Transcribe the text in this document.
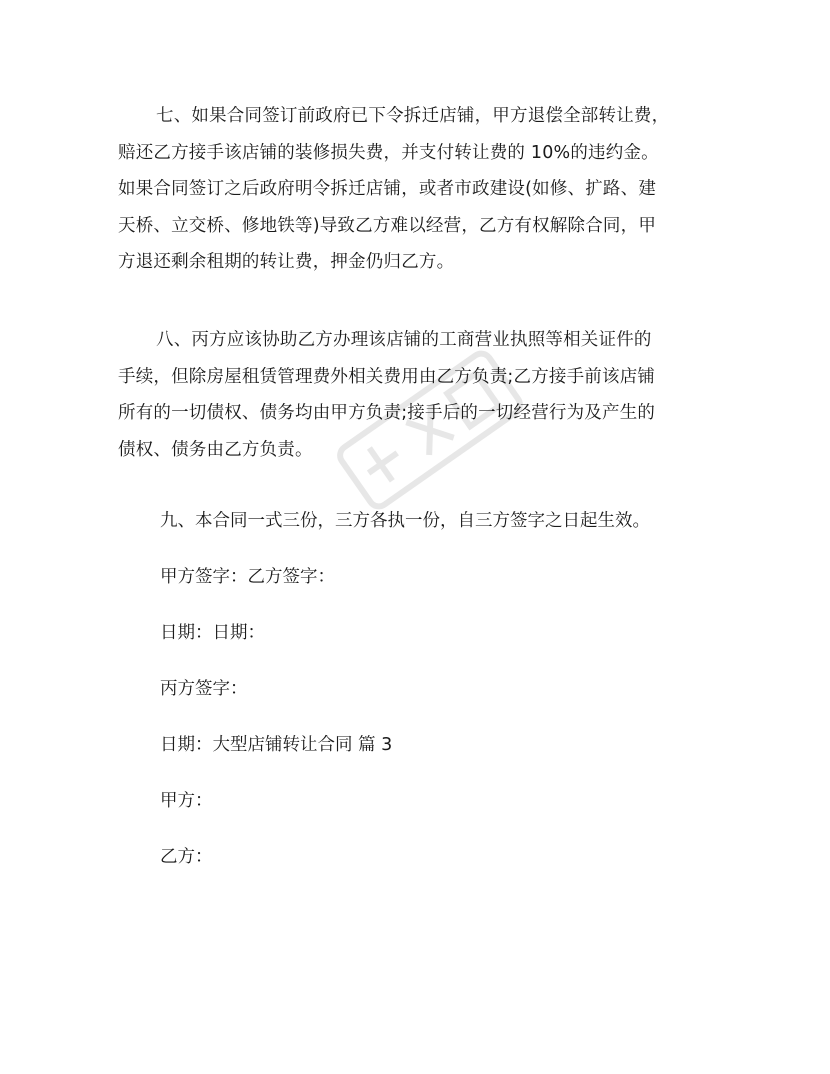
七、如果合同签订前政府已下令拆迁店铺，甲方退偿全部转让费，
赔还乙方接手该店铺的装修损失费，并支付转让费的 10%的违约金。
如果合同签订之后政府明令拆迁店铺，或者市政建设(如修、扩路、建
天桥、立交桥、修地铁等)导致乙方难以经营，乙方有权解除合同，甲
方退还剩余租期的转让费，押金仍归乙方。
八、丙方应该协助乙方办理该店铺的工商营业执照等相关证件的
手续，但除房屋租赁管理费外相关费用由乙方负责;乙方接手前该店铺
所有的一切债权、债务均由甲方负责;接手后的一切经营行为及产生的
债权、债务由乙方负责。

九、本合同一式三份，三方各执一份，自三方签字之日起生效。

甲方签字：乙方签字：

日期：日期：

丙方签字：

日期：大型店铺转让合同 篇 3

甲方：

乙方：
